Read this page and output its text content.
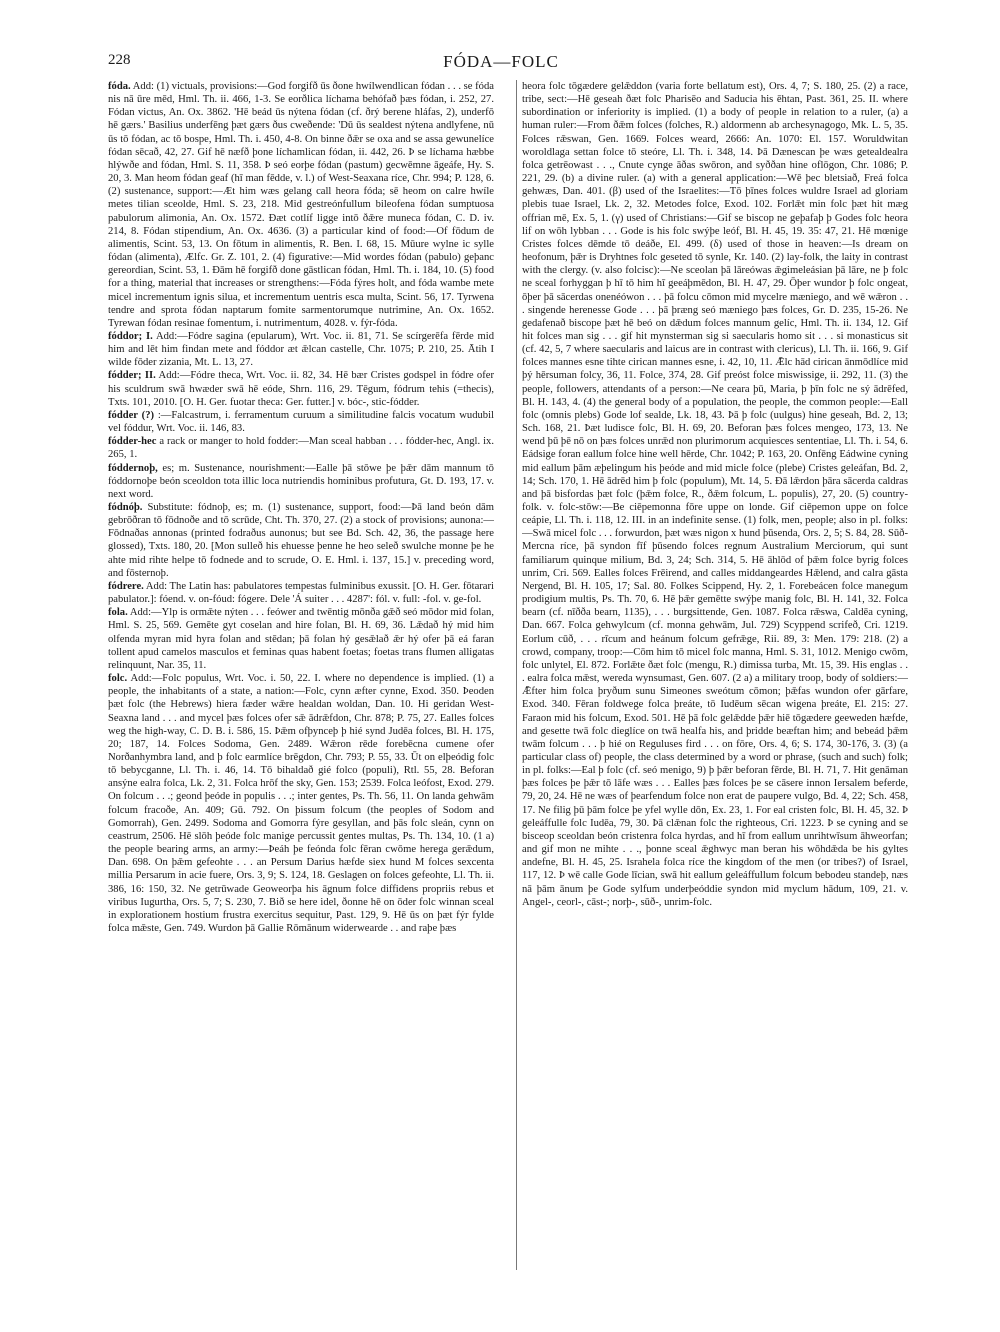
228	FÓDA—FOLC

fóda. Add: (1) victuals, provisions:—God forgifð ūs ðone hwílwendlican fódan . . . se fóda nis nā ūre mēd, Hml. Th. ii. 466, 1-3. Se eorðlica líchama behófað þæs fódan, i. 252, 27. Fódan victus, An. Ox. 3862. 'Hē beád ūs nýtena fódan (cf. ðrý berene hláfas, 2), underfō hē gærs.' Basilius underfēng þæt gærs ðus cweðende: 'Dū ūs sealdest nýtena andlyfene, nū ūs tō fódan, ac tō bospe, Hml. Th. i. 450, 4-8. On binne ðǣr se oxa and se assa gewunelíce fódan sēcað, 42, 27. Gif hē næfð þone líchamlican fódan, ii. 442, 26. Þ se líchama hæbbe hlýwðe and fódan, Hml. S. 11, 358. Þ seó eorþe fódan (pastum) gecwēmne āgeáfe, Hy. S. 20, 3. Man heom fódan geaf (hī man fēdde, v. l.) of West-Seaxana ríce, Chr. 994; P. 128, 6. (2) sustenance, support:—Æt him wæs gelang call heora fóda; sē heom on calre hwíle metes tilian sceolde, Hml. S. 23, 218. Mid gestreónfullum bileofena fódan sumptuosa pabulorum alimonia, An. Ox. 1572. Ðæt cotlíf ligge intō ðǣre muneca fódan, C. D. iv. 214, 8. Fódan stipendium, An. Ox. 4636. (3) a particular kind of food:—Of fōdum de alimentis, Scint. 53, 13. On fōtum in alimentis, R. Ben. I. 68, 15. Mūure wylne ic sylle fódan (alimenta), Ælfc. Gr. Z. 101, 2. (4) figurative:—Mid wordes fódan (pabulo) geþanc gereordian, Scint. 53, 1. Ðām hē forgifð done gāstlican fódan, Hml. Th. i. 184, 10. (5) food for a thing, material that increases or strengthens:—Fóda fýres holt, and fóda wambe mete micel incrementum ignis silua, et incrementum uentris esca multa, Scint. 56, 17. Tyrwena tendre and sprota fódan naptarum fomite sarmentorumque nutrimine, An. Ox. 1652. Tyrewan fódan resinae fomentum, i. nutrimentum, 4028. v. fýr-fóda.

fóddor; I. Add:—Fódre sagina (epularum), Wrt. Voc. ii. 81, 71. Se scírgerēfa fērde mid him and lēt him findan mete and fóddor æt ǣlcan castelle, Chr. 1075; P. 210, 25. Ātih I wilde fōder zizania, Mt. L. 13, 27.

fódder; II. Add:—Fódre theca, Wrt. Voc. ii. 82, 34. Hē bær Cristes godspel in fódre ofer his sculdrum swā hwæder swā hē eóde, Shrn. 116, 29. Tēgum, fódrum tehis (=thecis), Txts. 101, 2010. [O. H. Ger. fuotar theca: Ger. futter.] v. bóc-, stic-fódder.

fódder (?) :—Falcastrum, i. ferramentum curuum a similitudine falcis vocatum wudubil vel fóddur, Wrt. Voc. ii. 146, 83.

fódder-hec a rack or manger to hold fodder:—Man sceal habban . . . fódder-hec, Angl. ix. 265, 1.

fóddernoþ, es; m. Sustenance, nourishment:—Ealle þā stōwe þe þǣr dām mannum tō fóddornoþe beón sceoldon tota illic loca nutriendis hominibus profutura, Gt. D. 193, 17. v. next word.

fódnóþ. Substitute: fódnoþ, es; m. (1) sustenance, support, food:—Þā land beón dām gebrōðran tō fōdnoðe and tō scrūde, Cht. Th. 370, 27. (2) a stock of provisions; aunona:—Fōdnaðas annonas (printed fodraðus aunonus; but see Bd. Sch. 42, 36, the passage here glossed), Txts. 180, 20. [Mon sulleð his ehuesse þenne he heo seleð swulche monne þe he ahte mid rihte helpe tō fodnede and to scrude, O. E. Hml. i. 137, 15.] v. preceding word, and fōsternoþ.

fódrere. Add: The Latin has: pabulatores tempestas fulminibus exussit. [O. H. Ger. fōtarari pabulator.]: fóend. v. on-fóud: fógere. Dele 'Á suiter . . . 4287': fól. v. full: -fol. v. ge-fol.

fola. Add:—Ylp is ormǣte nýten . . . feówer and twēntig mōnða gǣð seó mōdor mid folan, Hml. S. 25, 569. Gemēte gyt coselan and hire folan, Bl. H. 69, 36. Lǣdað hý mid him olfenda myran mid hyra folan and stēdan; þā folan hý gesǣlað ǣr hý ofer þā eá faran tollent apud camelos masculos et feminas quas habent foetas; foetas trans flumen alligatas relinquunt, Nar. 35, 11.

folc. Add:—Folc populus, Wrt. Voc. i. 50, 22. I. where no dependence is implied. (1) a people, the inhabitants of a state, a nation:—Folc, cynn æfter cynne, Exod. 350. Þeoden þæt folc (the Hebrews) hiera fæder wǣre healdan woldan, Dan. 10. Hi geridan West-Seaxna land . . . and mycel þæs folces ofer sǣ ādrǣfdon, Chr. 878; P. 75, 27. Ealles folces weg the high-way, C. D. B. i. 586, 15. Þǣm ofþynceþ þ hié synd Judēa folces, Bl. H. 175, 20; 187, 14. Folces Sodoma, Gen. 2489. Wǣron rēde forebēcna cumene ofer Norðanhymbra land, and þ folc earmlíce brēgdon, Chr. 793; P. 55, 33. Ūt on elþeódig folc tō bebycganne, Ll. Th. i. 46, 14. Tō bihaldað gié folco (populi), Rtl. 55, 28. Beforan ansýne ealra folca, Lk. 2, 31. Folca hrōf the sky, Gen. 153; 2539. Folca leófost, Exod. 279. On folcum . . .; geond þeóde in populis . . .; inter gentes, Ps. Th. 56, 11. On landa gehwām folcum fracoðe, An. 409; Gū. 792. On þissum folcum (the peoples of Sodom and Gomorrah), Gen. 2499. Sodoma and Gomorra fýre gesyllan, and þās folc sleán, cynn on ceastrum, 2506. Hē slōh þeóde folc manige percussit gentes multas, Ps. Th. 134, 10. (1 a) the people bearing arms, an army:—Þeáh þe feónda folc fēran cwōme herega gerǣdum, Dan. 698. On þǣm gefeohte . . . an Persum Darius hæfde siex hund M folces sexcenta millia Persarum in acie fuere, Ors. 3, 9; S. 124, 18. Geslagen on folces gefeohte, Ll. Th. ii. 386, 16: 150, 32. Ne getrūwade Geoweorþa his āgnum folce diffidens propriis rebus et viribus Iugurtha, Ors. 5, 7; S. 230, 7. Bið se here idel, ðonne hē on ōder folc winnan sceal in explorationem hostium frustra exercitus sequitur, Past. 129, 9. Hē ūs on þæt fýr fylde folca mǣste, Gen. 749. Wurdon þā Gallie Rōmānum widerwearde . . and raþe þæs

heora folc tōgædere gelǣddon (varia forte bellatum est), Ors. 4, 7; S. 180, 25. (2) a race, tribe, sect:—Hē geseah ðæt folc Pharisēo and Saducia his ēhtan, Past. 361, 25. II. where subordination or inferiority is implied. (1) a body of people in relation to a ruler, (a) a human ruler:—From ðǣm folces (folches, R.) aldormenn ab archesynagogo, Mk. L. 5, 35. Folces rǣswan, Gen. 1669. Folces weard, 2666: An. 1070: El. 157. Woruldwitan woroldlaga settan folce tō steóre, Ll. Th. i. 348, 14. Þā Dænescan þe wæs getealdealra folca getrēowast . . ., Cnute cynge āðas swōron, and syððan hine oflōgon, Chr. 1086; P. 221, 29. (b) a divine ruler. (a) with a general application:—Wē þec bletsiað, Freá folca gehwæs, Dan. 401. (β) used of the Israelites:—Tō þīnes folces wuldre Israel ad gloriam plebis tuae Israel, Lk. 2, 32. Metodes folce, Exod. 102. Forlǣt min folc þæt hit mæg offrian mē, Ex. 5, 1. (γ) used of Christians:—Gif se biscop ne geþafaþ þ Godes folc heora lif on wōh lybban . . . Gode is his folc swýþe leóf, Bl. H. 45, 19. 35: 47, 21. Hē mœnige Cristes folces dēmde tō deáðe, El. 499. (δ) used of those in heaven:—Is dream on heofonum, þǣr is Dryhtnes folc geseted tō synle, Kr. 140. (2) lay-folk, the laity in contrast with the clergy. (v. also folcisc):—Ne sceolan þā lāreówas ǣgimeleásian þā lāre, ne þ folc ne sceal forhyggan þ hī tō him hī geeáþmēdon, Bl. H. 47, 29. Ōþer wundor þ folc ongeat, ōþer þā sācerdas onenéówon . . . þā folcu cōmon mid mycelre mæniego, and wē wǣron . . . singende herenesse Gode . . . þā þræng seó mæniego þæs folces, Gr. D. 235, 15-26. Ne gedafenað biscope þæt hē beó on dǣdum folces mannum gelíc, Hml. Th. ii. 134, 12. Gif hit folces man sig . . . gif hit mynsterman sig si saecularis homo sit . . . si monasticus sit (cf. 42, 5, 7 where saecularis and laicus are in contrast with clericus), Ll. Th. ii. 166, 9. Gif folces mannes esne tihte cirican mannes esne, i. 42, 10, 11. Ǣlc hād cirican ānmōdlíce mid þý hērsuman folcy, 36, 11. Folce, 374, 28. Gif preóst folce miswissige, ii. 292, 11. (3) the people, followers, attendants of a person:—Ne ceara þū, Maria, þ þīn folc ne sý ādrēfed, Bl. H. 143, 4. (4) the general body of a population, the people, the common people:—Eall folc (omnis plebs) Gode lof sealde, Lk. 18, 43. Þā þ folc (uulgus) hine geseah, Bd. 2, 13; Sch. 168, 21. Þæt ludisce folc, Bl. H. 69, 20. Beforan þæs folces mengeo, 173, 13. Ne wend þū þē nō on þæs folces unrǣd non plurimorum acquiesces sententiae, Ll. Th. i. 54, 6. Eádsige foran eallum folce hine well hērde, Chr. 1042; P. 163, 20. Onfēng Eádwine cyning mid eallum þām æþelingum his þeóde and mid micle folce (plebe) Cristes geleáfan, Bd. 2, 14; Sch. 170, 1. Hē ādrēd him þ folc (populum), Mt. 14, 5. Ðā lǣrdon þāra sācerda caldras and þā bisfordas þæt folc (þǣm folce, R., ðǣm folcum, L. populis), 27, 20. (5) country-folk. v. folc-stōw:—Be ciēpemonna fōre uppe on londe. Gif ciēpemon uppe on folce ceápie, Ll. Th. i. 118, 12. III. in an indefinite sense. (1) folk, men, people; also in pl. folks:—Swā micel folc . . . forwurdon, þæt wæs nigon x hund þūsenda, Ors. 2, 5; S. 84, 28. Sūð-Mercna ríce, þā syndon fīf þūsendo folces regnum Australium Merciorum, qui sunt familiarum quinque milium, Bd. 3, 24; Sch. 314, 5. Hē āhlōd of þǣm folce byrig folces unrim, Cri. 569. Ealles folces Frēirend, and calles middangeardes Hǣlend, and calra gāsta Nergend, Bl. H. 105, 17; Sal. 80. Folkes Scippend, Hy. 2, 1. Forebeácen folce manegum prodigium multis, Ps. Th. 70, 6. Hē þǣr gemētte swýþe manig folc, Bl. H. 141, 32. Folca bearn (cf. nīðða bearn, 1135), . . . burgsittende, Gen. 1087. Folca rǣswa, Caldēa cyning, Dan. 667. Folca gehwylcum (cf. monna gehwām, Jul. 729) Scyppend scrifeð, Cri. 1219. Eorlum cūð, . . . rīcum and heánum folcum gefrǣge, Rii. 89, 3: Men. 179: 218. (2) a crowd, company, troop:—Cōm him tō micel folc manna, Hml. S. 31, 1012. Menigo cwōm, folc unlytel, El. 872. Forlǣte ðæt folc (mengu, R.) dimissa turba, Mt. 15, 39. His englas . . . ealra folca mǣst, wereda wynsumast, Gen. 607. (2 a) a military troop, body of soldiers:—Ǣfter him folca þryðum sunu Simeones sweótum cōmon; þǣfas wundon ofer gārfare, Exod. 340. Fēran foldwege folca þreáte, tō Iudēum sēcan wigena þreáte, El. 215: 27. Faraon mid his folcum, Exod. 501. Hē þā folc gelǣdde þǣr hiē tōgædere geeweden hæfde, and gesette twā folc dieglíce on twā healfa his, and þridde beæftan him; and bebeád þǣm twām folcum . . . þ hié on Reguluses fird . . . on fōre, Ors. 4, 6; S. 174, 30-176, 3. (3) (a particular class of) people, the class determined by a word or phrase, (such and such) folk; in pl. folks:—Eal þ folc (cf. seó menigo, 9) þ þǣr beforan fērde, Bl. H. 71, 7. Hit genāman þæs folces þe þǣr tō lāfe wæs . . . Ealles þæs folces þe se cāsere innon Iersalem beferde, 79, 20, 24. Hē ne wæs of þearfendum folce non erat de paupere vulgo, Bd. 4, 22; Sch. 458, 17. Ne filig þū þām folce þe yfel wylle dōn, Ex. 23, 1. For eal cristen folc, Bl. H. 45, 32. Þ geleáffulle folc Iudēa, 79, 30. Þā clǣnan folc the righteous, Cri. 1223. Þ se cyning and se bisceop sceoldan beón cristenra folca hyrdas, and hī from eallum unrihtwīsum āhweorfan; and gif mon ne mihte . . ., þonne sceal ǣghwyc man beran his wōhdǣda be his gyltes andefne, Bl. H. 45, 25. Israhela folca ríce the kingdom of the men (or tribes?) of Israel, 117, 12. Þ wē calle Gode līcian, swā hit eallum geleáffullum folcum bebodeu standeþ, næs nā þām ānum þe Gode sylfum underþeóddie syndon mid myclum hādum, 109, 21. v. Angel-, ceorl-, cāst-; norþ-, sūð-, unrim-folc.
